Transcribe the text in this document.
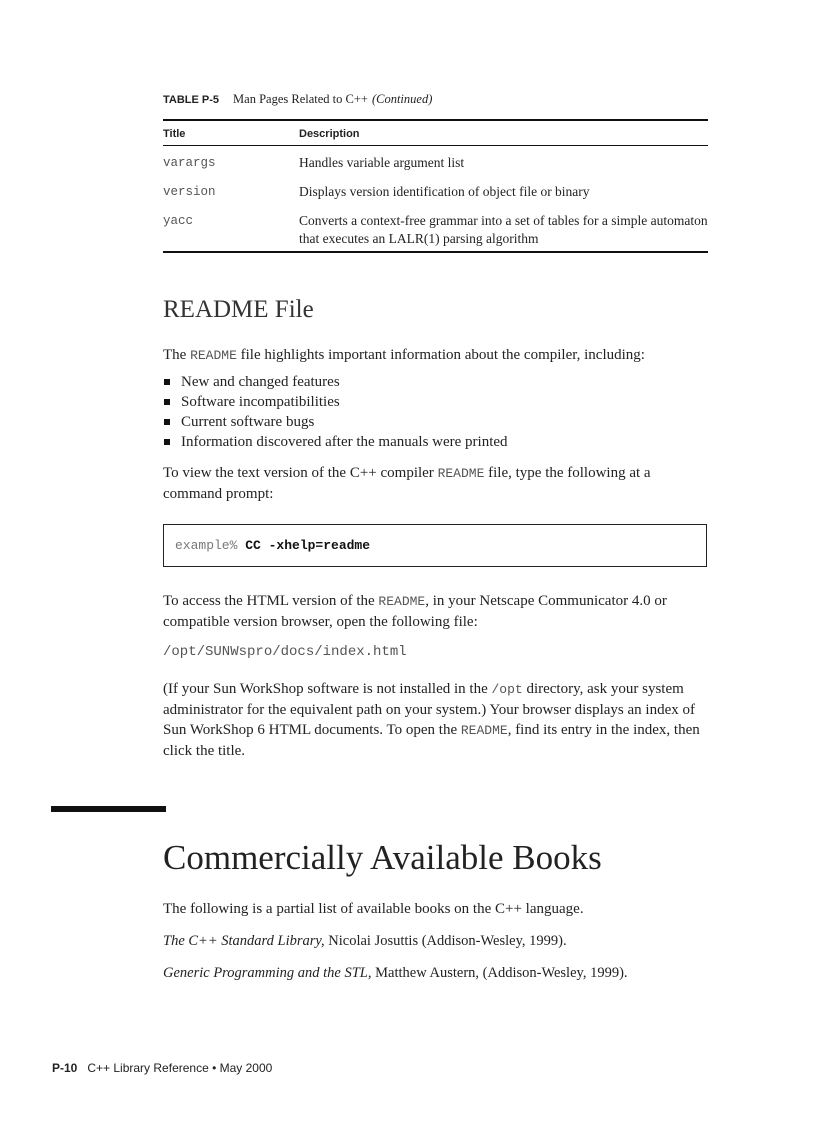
TABLE P-5 Man Pages Related to C++ (Continued)
Title	Description
varargs	Handles variable argument list
version	Displays version identification of object file or binary
yacc	Converts a context-free grammar into a set of tables for a simple automaton that executes an LALR(1) parsing algorithm
README File
The README file highlights important information about the compiler, including:
New and changed features
Software incompatibilities
Current software bugs
Information discovered after the manuals were printed
To view the text version of the C++ compiler README file, type the following at a command prompt:
example% CC -xhelp=readme
To access the HTML version of the README, in your Netscape Communicator 4.0 or compatible version browser, open the following file:
/opt/SUNWspro/docs/index.html
(If your Sun WorkShop software is not installed in the /opt directory, ask your system administrator for the equivalent path on your system.) Your browser displays an index of Sun WorkShop 6 HTML documents. To open the README, find its entry in the index, then click the title.
Commercially Available Books
The following is a partial list of available books on the C++ language.
The C++ Standard Library, Nicolai Josuttis (Addison-Wesley, 1999).
Generic Programming and the STL, Matthew Austern, (Addison-Wesley, 1999).
P-10 C++ Library Reference • May 2000
